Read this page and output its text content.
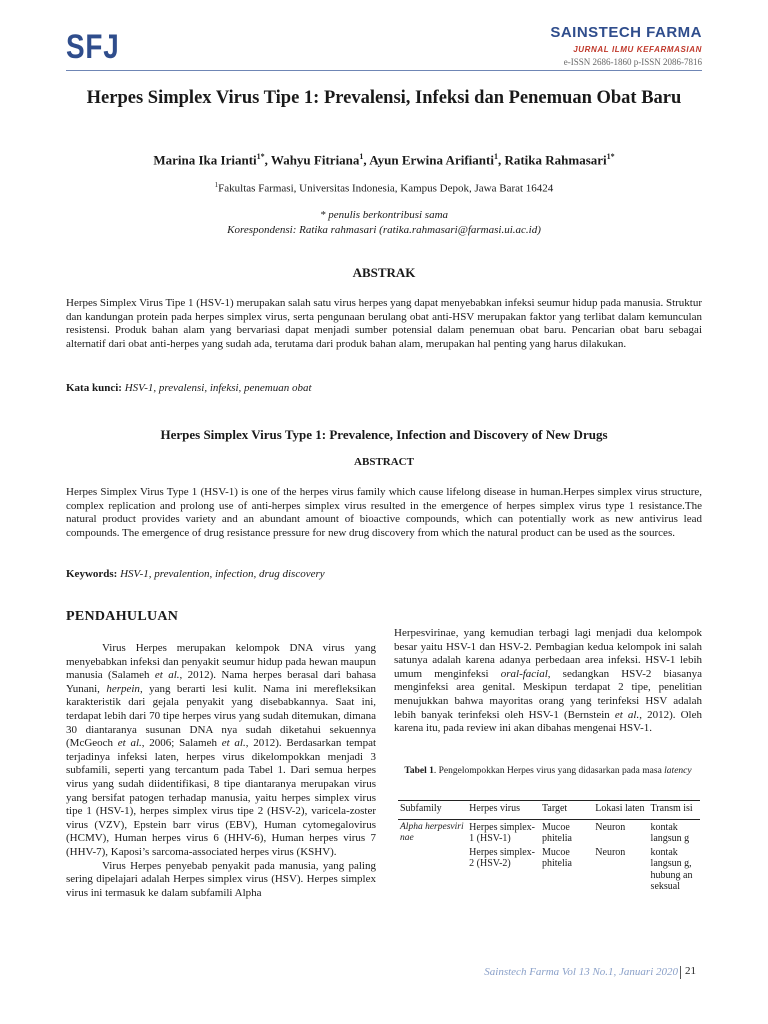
SFJ	SAINSTECH FARMA
JURNAL ILMU KEFARMASIAN
e-ISSN 2686-1860 p-ISSN 2086-7816
Herpes Simplex Virus Tipe 1: Prevalensi, Infeksi dan Penemuan Obat Baru
Marina Ika Irianti$^{1*}$, Wahyu Fitriana$^1$, Ayun Erwina Arifianti$^1$, Ratika Rahmasari$^{1*}$
$^1$Fakultas Farmasi, Universitas Indonesia, Kampus Depok, Jawa Barat 16424
* penulis berkontribusi sama
Korespondensi: Ratika rahmasari (ratika.rahmasari@farmasi.ui.ac.id)
ABSTRAK
Herpes Simplex Virus Tipe 1 (HSV-1) merupakan salah satu virus herpes yang dapat menyebabkan infeksi seumur hidup pada manusia. Struktur dan kandungan protein pada herpes simplex virus, serta pengunaan berulang obat anti-HSV merupakan faktor yang terlibat dalam kemunculan resistensi. Produk bahan alam yang bervariasi dapat menjadi sumber potensial dalam penemuan obat baru. Pencarian obat baru sebagai alternatif dari obat anti-herpes yang sudah ada, terutama dari produk bahan alam, merupakan hal penting yang harus dilakukan.
Kata kunci: HSV-1, prevalensi, infeksi, penemuan obat
Herpes Simplex Virus Type 1: Prevalence, Infection and Discovery of New Drugs
ABSTRACT
Herpes Simplex Virus Type 1 (HSV-1) is one of the herpes virus family which cause lifelong disease in human.Herpes simplex virus structure, complex replication and prolong use of anti-herpes simplex virus resulted in the emergence of herpes simplex virus type 1 resistance.The natural product provides variety and an abundant amount of bioactive compounds, which can potentially work as new antivirus lead compounds. The emergence of drug resistance pressure for new drug discovery from which the natural product can be used as the sources.
Keywords: HSV-1, prevalention, infection, drug discovery
PENDAHULUAN

Virus Herpes merupakan kelompok DNA virus yang menyebabkan infeksi dan penyakit seumur hidup pada hewan maupun manusia (Salameh et al., 2012). Nama herpes berasal dari bahasa Yunani, herpein, yang berarti lesi kulit. Nama ini merefleksikan karakteristik dari gejala penyakit yang disebabkannya. Saat ini, terdapat lebih dari 70 tipe herpes virus yang sudah ditemukan, dimana 30 diantaranya susunan DNA nya sudah diketahui sekuennya (McGeoch et al., 2006; Salameh et al., 2012). Berdasarkan tempat terjadinya infeksi laten, herpes virus dikelompokkan menjadi 3 subfamili, seperti yang tercantum pada Tabel 1. Dari semua herpes virus yang sudah diidentifikasi, 8 tipe diantaranya merupakan virus yang bersifat patogen terhadap manusia, yaitu herpes simplex virus tipe 1 (HSV-1), herpes simplex virus tipe 2 (HSV-2), varicela-zoster virus (VZV), Epstein barr virus (EBV), Human cytomegalovirus (HCMV), Human herpes virus 6 (HHV-6), Human herpes virus 7 (HHV-7), Kaposi’s sarcoma-associated herpes virus (KSHV).

Virus Herpes penyebab penyakit pada manusia, yang paling sering dipelajari adalah Herpes simplex virus (HSV). Herpes simplex virus ini termasuk ke dalam subfamili Alpha

Herpesvirinae, yang kemudian terbagi lagi menjadi dua kelompok besar yaitu HSV-1 dan HSV-2. Pembagian kedua kelompok ini salah satunya adalah karena adanya perbedaan area infeksi. HSV-1 lebih umum menginfeksi oral-facial, sedangkan HSV-2 biasanya menginfeksi area genital. Meskipun terdapat 2 tipe, penelitian menujukkan bahwa mayoritas orang yang terinfeksi HSV adalah lebih banyak terinfeksi oleh HSV-1 (Bernstein et al., 2012). Oleh karena itu, pada review ini akan dibahas mengenai HSV-1.

Tabel 1. Pengelompokkan Herpes virus yang didasarkan pada masa latency
Subfamily	Herpes virus	Target	Lokasi laten	Transm isi
Alpha herpesviri nae	Herpes simplex- 1 (HSV-1)	Mucoe phitelia	Neuron	kontak langsun g
	Herpes simplex-2 (HSV-2)	Mucoe phitelia	Neuron	kontak langsun g, hubung an seksual
Sainstech Farma Vol 13 No.1, Januari 2020 21
